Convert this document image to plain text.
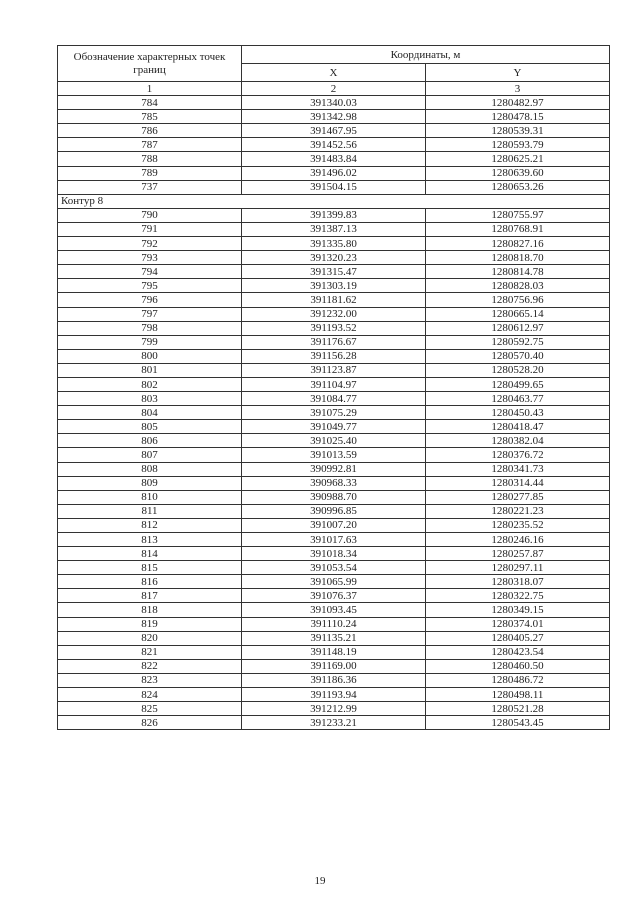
Обозначение характерных точек границ	Координаты, м	
	X	Y
1	2	3
784	391340.03	1280482.97
785	391342.98	1280478.15
786	391467.95	1280539.31
787	391452.56	1280593.79
788	391483.84	1280625.21
789	391496.02	1280639.60
737	391504.15	1280653.26
Контур 8		
790	391399.83	1280755.97
791	391387.13	1280768.91
792	391335.80	1280827.16
793	391320.23	1280818.70
794	391315.47	1280814.78
795	391303.19	1280828.03
796	391181.62	1280756.96
797	391232.00	1280665.14
798	391193.52	1280612.97
799	391176.67	1280592.75
800	391156.28	1280570.40
801	391123.87	1280528.20
802	391104.97	1280499.65
803	391084.77	1280463.77
804	391075.29	1280450.43
805	391049.77	1280418.47
806	391025.40	1280382.04
807	391013.59	1280376.72
808	390992.81	1280341.73
809	390968.33	1280314.44
810	390988.70	1280277.85
811	390996.85	1280221.23
812	391007.20	1280235.52
813	391017.63	1280246.16
814	391018.34	1280257.87
815	391053.54	1280297.11
816	391065.99	1280318.07
817	391076.37	1280322.75
818	391093.45	1280349.15
819	391110.24	1280374.01
820	391135.21	1280405.27
821	391148.19	1280423.54
822	391169.00	1280460.50
823	391186.36	1280486.72
824	391193.94	1280498.11
825	391212.99	1280521.28
826	391233.21	1280543.45
19
